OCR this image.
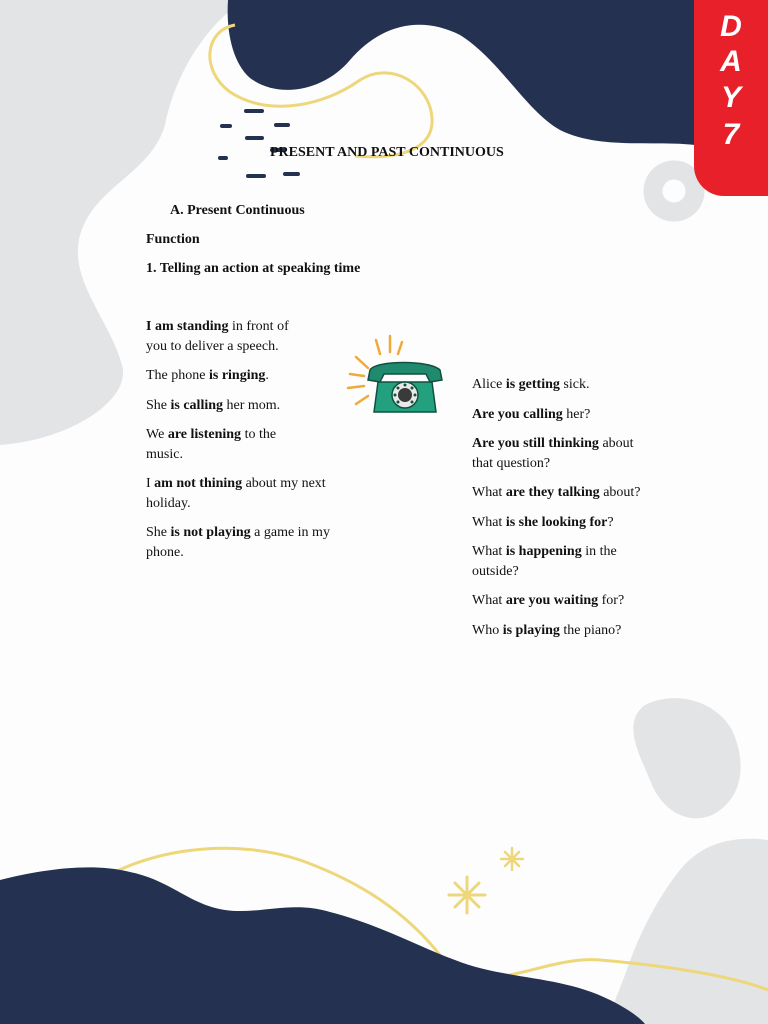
D
A
Y
7

PRESENT AND PAST CONTINUOUS

A. Present Continuous

Function

1. Telling an action at speaking time

I am standing in front of
you to deliver a speech.
The phone is ringing.
She is calling her mom.
We are listening to the
music.
I am not thining about my next
holiday.
She is not playing a game in my
phone.
Alice is getting sick.
Are you calling her?
Are you still thinking about
that question?
What are they talking about?
What is she looking for?
What is happening in the
outside?
What are you waiting for?
Who is playing the piano?
